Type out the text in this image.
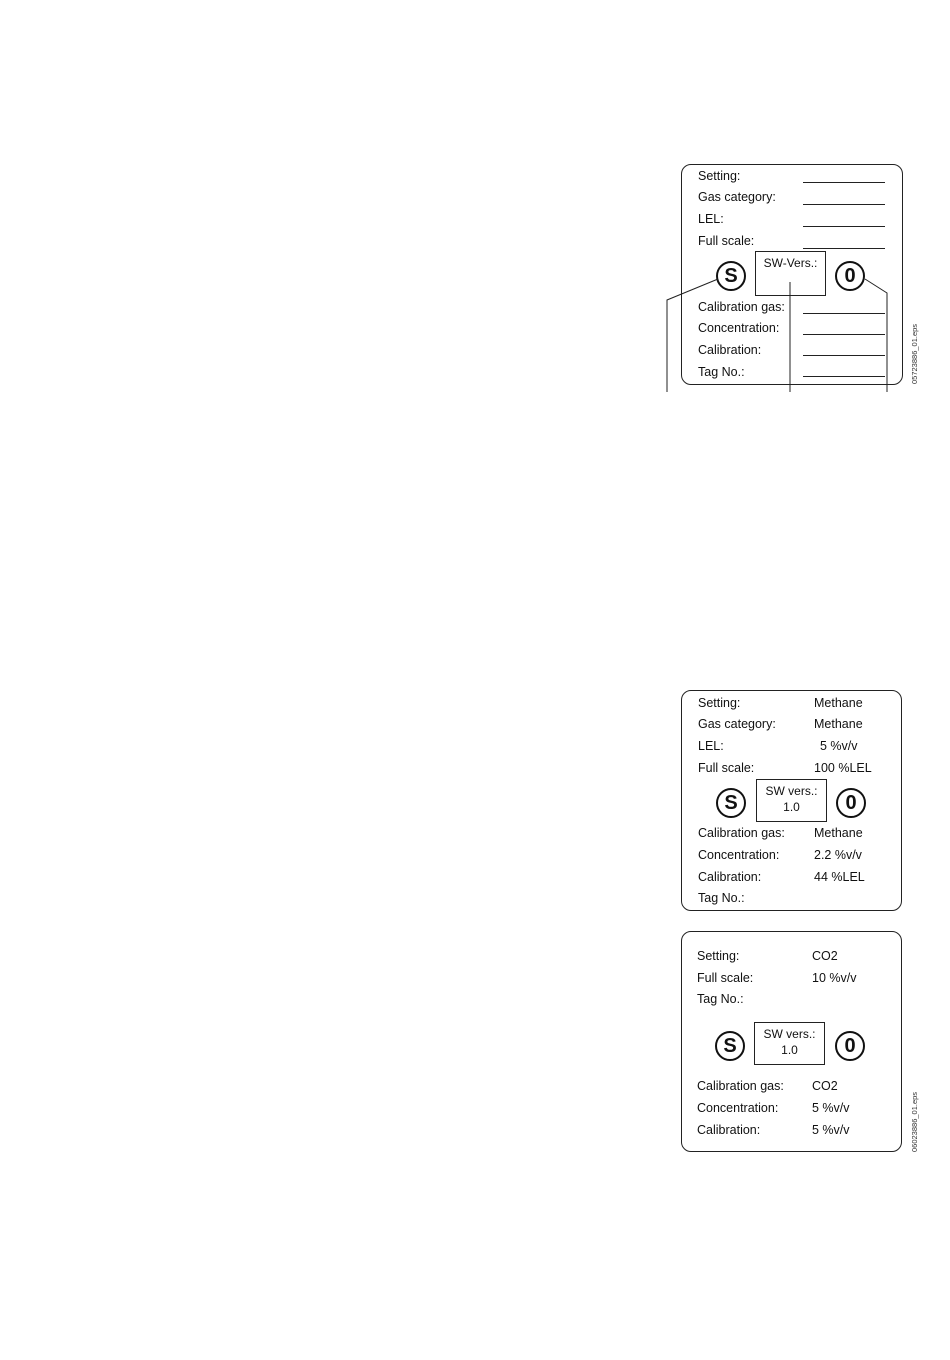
Setting:
Gas category:
LEL:
Full scale:
S
SW-Vers.:
0
Calibration gas:
Concentration:
Calibration:
Tag No.:	05723886_01.eps
Setting:	Methane
Gas category:	Methane
LEL:	5 %v/v
Full scale:	100 %LEL
S
SW vers.:
1.0	0
Calibration gas: Methane
Concentration:	2.2 %v/v
Calibration:	44 %LEL
Tag No.:
Setting:	CO2
Full scale:	10 %v/v
Tag No.:
S
SW vers.:
1.0	0
Calibration gas: CO2
Concentration:	5 %v/v
Calibration:	5 %v/v	06023886_01.eps
